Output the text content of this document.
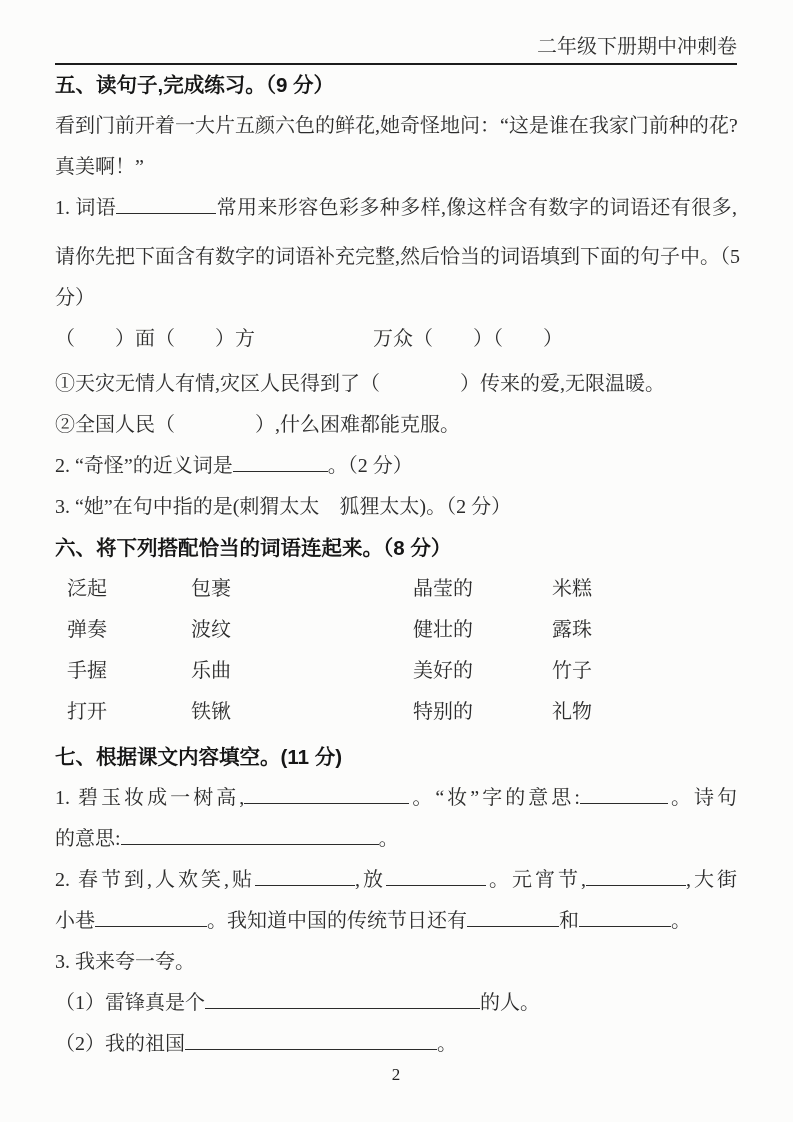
二年级下册期中冲刺卷
五、读句子,完成练习。（9 分）
看到门前开着一大片五颜六色的鲜花,她奇怪地问：“这是谁在我家门前种的花?
真美啊！”
1. 词语	常用来形容色彩多种多样,像这样含有数字的词语还有很多,
请你先把下面含有数字的词语补充完整,然后恰当的词语填到下面的句子中。（5
分）
（　　）面（　　）方	万众（　　）（　　）
①天灾无情人有情,灾区人民得到了（　　　　）传来的爱,无限温暖。
②全国人民（　　　　）,什么困难都能克服。
2. “奇怪”的近义词是	。（2 分）
3. “她”在句中指的是(刺猬太太　狐狸太太)。（2 分）
六、将下列搭配恰当的词语连起来。（8 分）
泛起	包裹	晶莹的	米糕
弹奏	波纹	健壮的	露珠
手握	乐曲	美好的	竹子
打开	铁锹	特别的	礼物
七、根据课文内容填空。(11 分)
1. 碧玉妆成一树高,	。“妆”字的意思:	。诗句
的意思:	。
2. 春节到,人欢笑,贴	,放	。元宵节,	,大街
小巷	。我知道中国的传统节日还有	和	。
3. 我来夸一夸。
（1）雷锋真是个	的人。
（2）我的祖国	。
2
